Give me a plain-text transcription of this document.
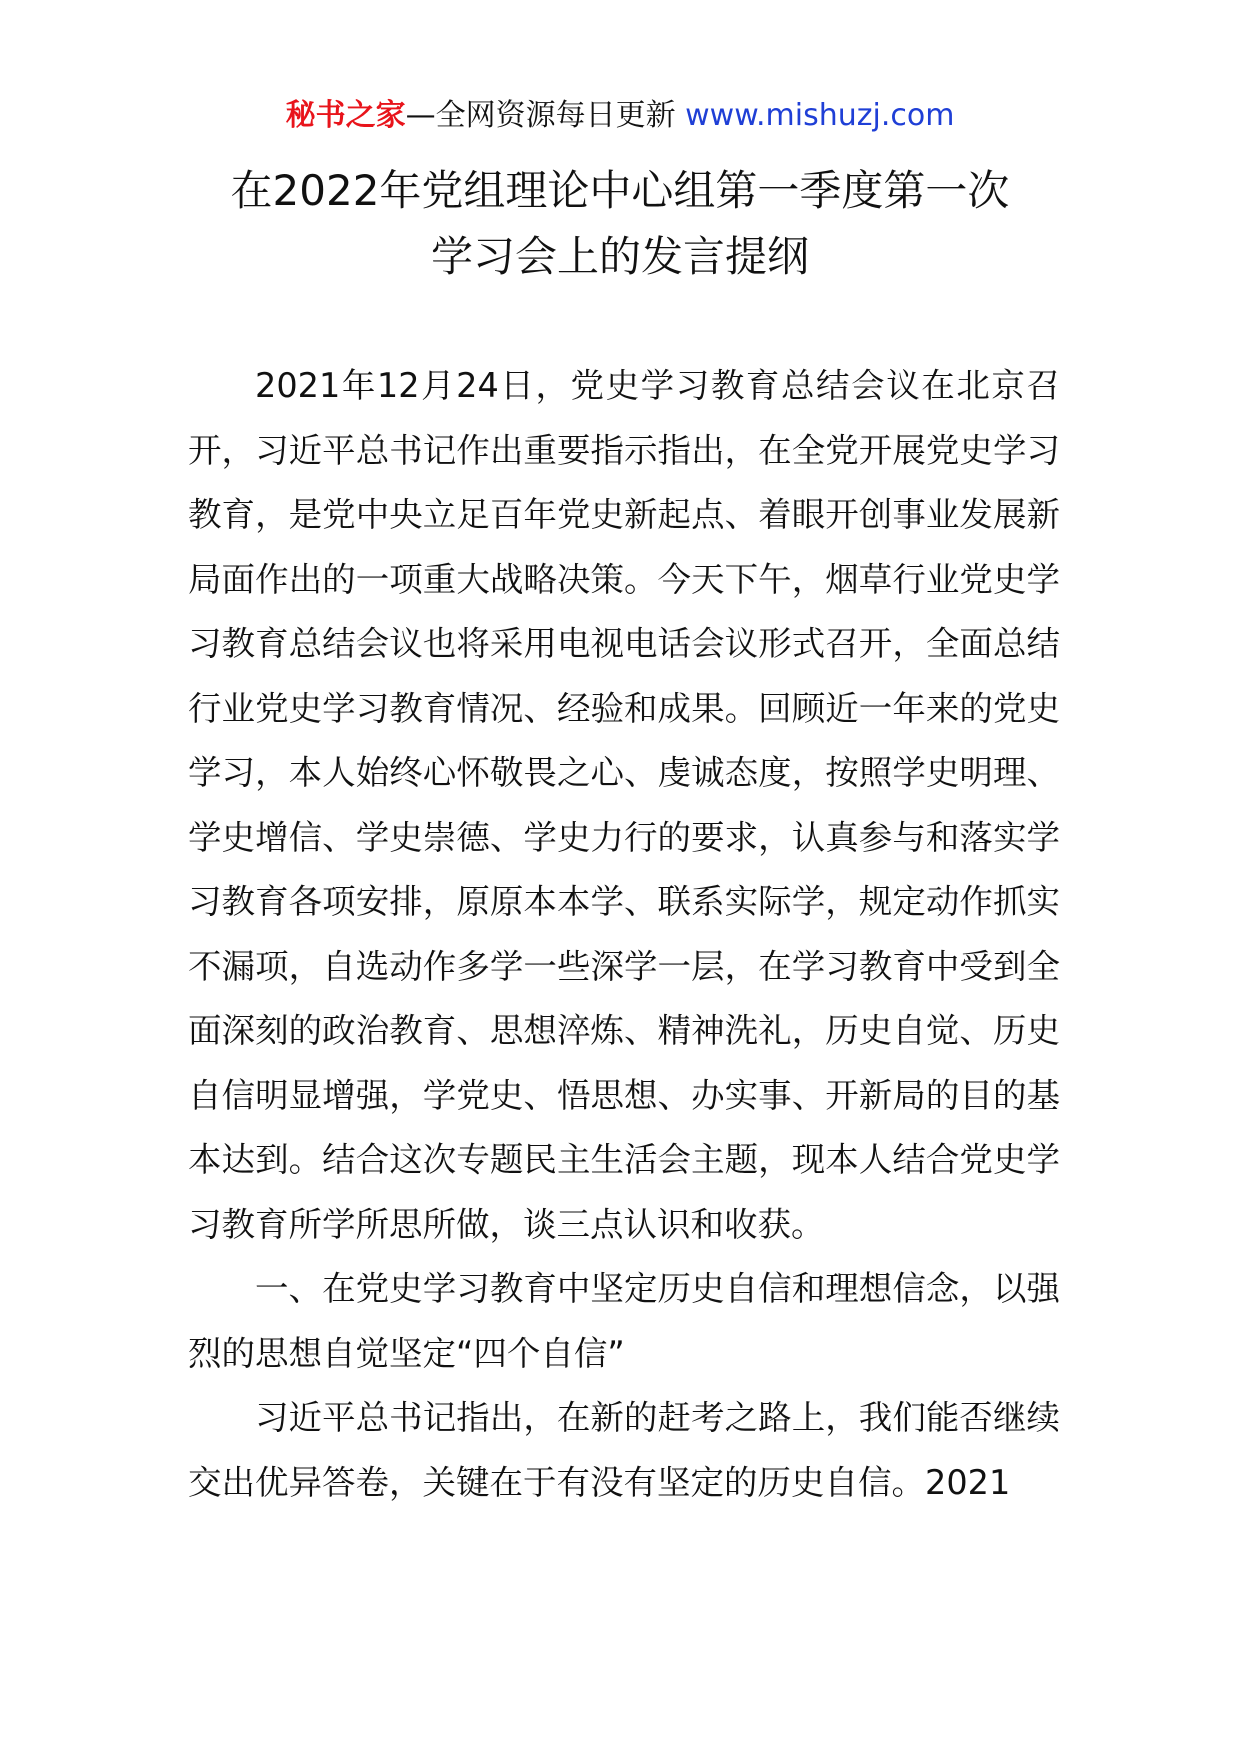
秘书之家—全网资源每日更新 www.mishuzj.com
在2022年党组理论中心组第一季度第一次
学习会上的发言提纲

2021年12月24日，党史学习教育总结会议在北京召开，习近平总书记作出重要指示指出，在全党开展党史学习教育，是党中央立足百年党史新起点、着眼开创事业发展新局面作出的一项重大战略决策。今天下午，烟草行业党史学习教育总结会议也将采用电视电话会议形式召开，全面总结行业党史学习教育情况、经验和成果。回顾近一年来的党史学习，本人始终心怀敬畏之心、虔诚态度，按照学史明理、学史增信、学史崇德、学史力行的要求，认真参与和落实学习教育各项安排，原原本本学、联系实际学，规定动作抓实不漏项，自选动作多学一些深学一层，在学习教育中受到全面深刻的政治教育、思想淬炼、精神洗礼，历史自觉、历史自信明显增强，学党史、悟思想、办实事、开新局的目的基本达到。结合这次专题民主生活会主题，现本人结合党史学习教育所学所思所做，谈三点认识和收获。

一、在党史学习教育中坚定历史自信和理想信念，以强烈的思想自觉坚定“四个自信”

习近平总书记指出，在新的赶考之路上，我们能否继续交出优异答卷，关键在于有没有坚定的历史自信。2021
